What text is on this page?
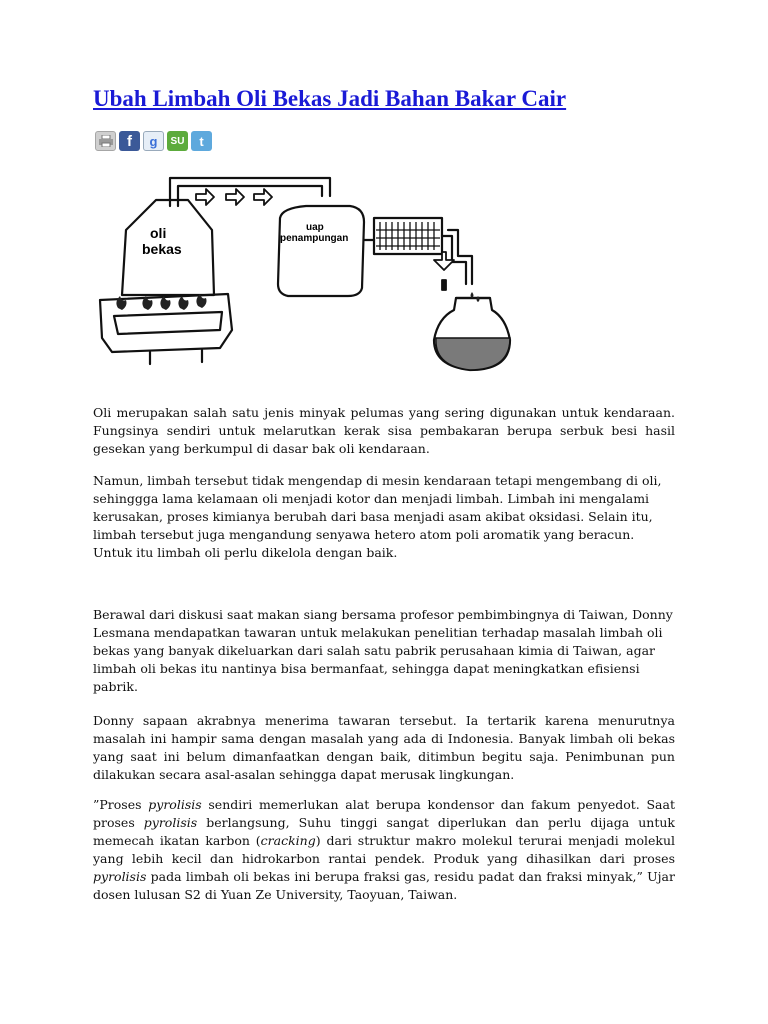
Ubah Limbah Oli Bekas Jadi Bahan Bakar Cair
f	g	SU	t
oli
bekas
uap
penampungan

Oli merupakan salah satu jenis minyak pelumas yang sering digunakan untuk kendaraan. Fungsinya sendiri untuk melarutkan kerak sisa pembakaran berupa serbuk besi hasil gesekan yang berkumpul di dasar bak oli kendaraan.

Namun, limbah tersebut tidak mengendap di mesin kendaraan tetapi mengembang di oli, sehinggga lama kelamaan oli menjadi kotor dan menjadi limbah. Limbah ini mengalami kerusakan, proses kimianya berubah dari basa menjadi asam akibat oksidasi. Selain itu, limbah tersebut juga mengandung senyawa hetero atom poli aromatik yang beracun. Untuk itu limbah oli perlu dikelola dengan baik.

Berawal dari diskusi saat makan siang bersama profesor pembimbingnya di Taiwan, Donny Lesmana mendapatkan tawaran untuk melakukan penelitian terhadap masalah limbah oli bekas yang banyak dikeluarkan dari salah satu pabrik perusahaan kimia di Taiwan, agar limbah oli bekas itu nantinya bisa bermanfaat, sehingga dapat meningkatkan efisiensi pabrik.

Donny sapaan akrabnya menerima tawaran tersebut. Ia tertarik karena menurutnya masalah ini hampir sama dengan masalah yang ada di Indonesia. Banyak limbah oli bekas yang saat ini belum dimanfaatkan dengan baik, ditimbun begitu saja. Penimbunan pun dilakukan secara asal-asalan sehingga dapat merusak lingkungan.

”Proses pyrolisis sendiri memerlukan alat berupa kondensor dan fakum penyedot. Saat proses pyrolisis berlangsung, Suhu tinggi sangat diperlukan dan perlu dijaga untuk memecah ikatan karbon (cracking) dari struktur makro molekul terurai menjadi molekul yang lebih kecil dan hidrokarbon rantai pendek. Produk yang dihasilkan dari proses pyrolisis pada limbah oli bekas ini berupa fraksi gas, residu padat dan fraksi minyak,” Ujar dosen lulusan S2 di Yuan Ze University, Taoyuan, Taiwan.
